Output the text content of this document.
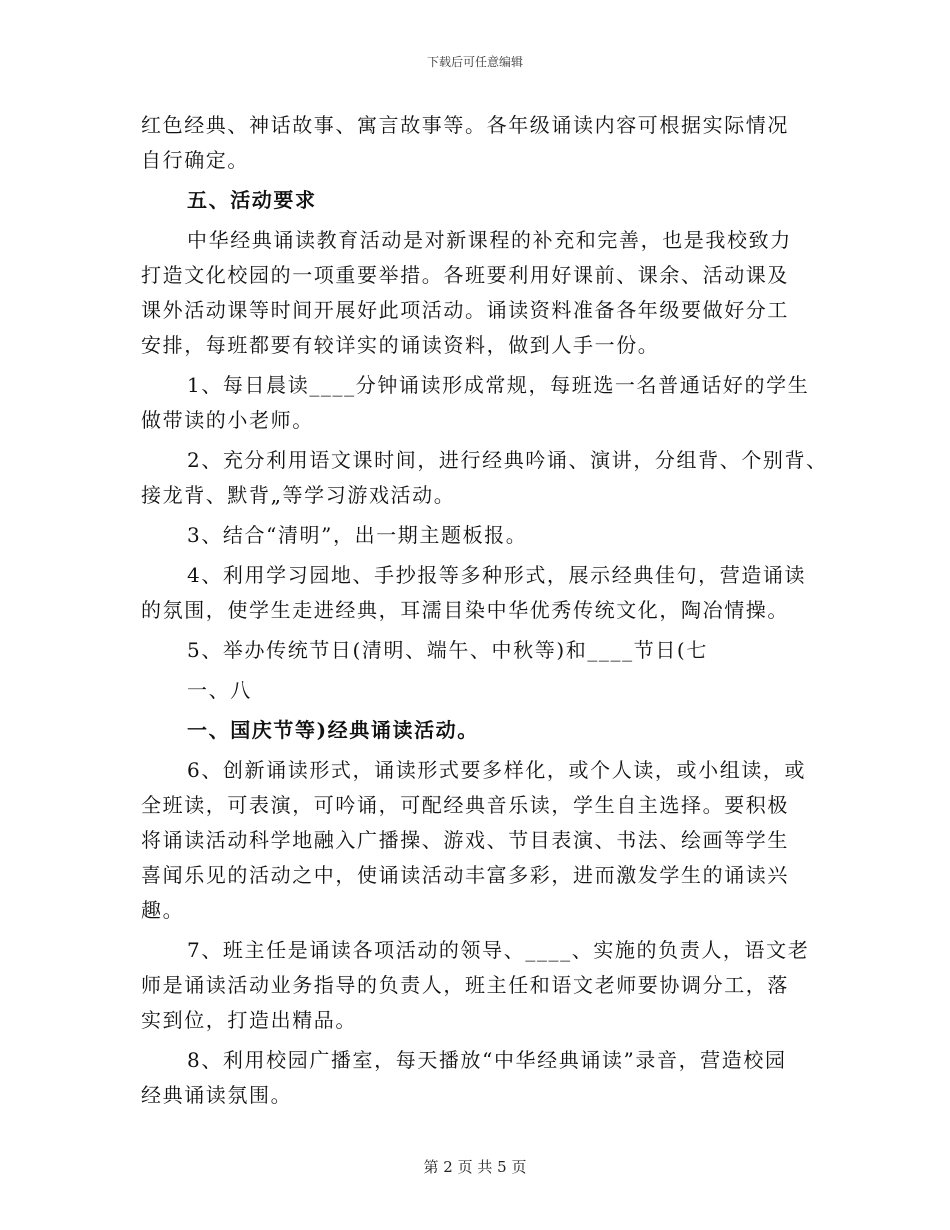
下载后可任意编辑
红色经典、神话故事、寓言故事等。各年级诵读内容可根据实际情况
自行确定。
五、活动要求
中华经典诵读教育活动是对新课程的补充和完善，也是我校致力
打造文化校园的一项重要举措。各班要利用好课前、课余、活动课及
课外活动课等时间开展好此项活动。诵读资料准备各年级要做好分工
安排，每班都要有较详实的诵读资料，做到人手一份。
1、每日晨读____分钟诵读形成常规，每班选一名普通话好的学生
做带读的小老师。
2、充分利用语文课时间，进行经典吟诵、演讲，分组背、个别背、
接龙背、默背„等学习游戏活动。
3、结合“清明”，出一期主题板报。
4、利用学习园地、手抄报等多种形式，展示经典佳句，营造诵读
的氛围，使学生走进经典，耳濡目染中华优秀传统文化，陶冶情操。
5、举办传统节日(清明、端午、中秋等)和____节日(七
一、八
一、国庆节等)经典诵读活动。
6、创新诵读形式，诵读形式要多样化，或个人读，或小组读，或
全班读，可表演，可吟诵，可配经典音乐读，学生自主选择。要积极
将诵读活动科学地融入广播操、游戏、节目表演、书法、绘画等学生
喜闻乐见的活动之中，使诵读活动丰富多彩，进而激发学生的诵读兴
趣。
7、班主任是诵读各项活动的领导、____、实施的负责人，语文老
师是诵读活动业务指导的负责人，班主任和语文老师要协调分工，落
实到位，打造出精品。
8、利用校园广播室，每天播放“中华经典诵读”录音，营造校园
经典诵读氛围。
第 2 页 共 5 页
